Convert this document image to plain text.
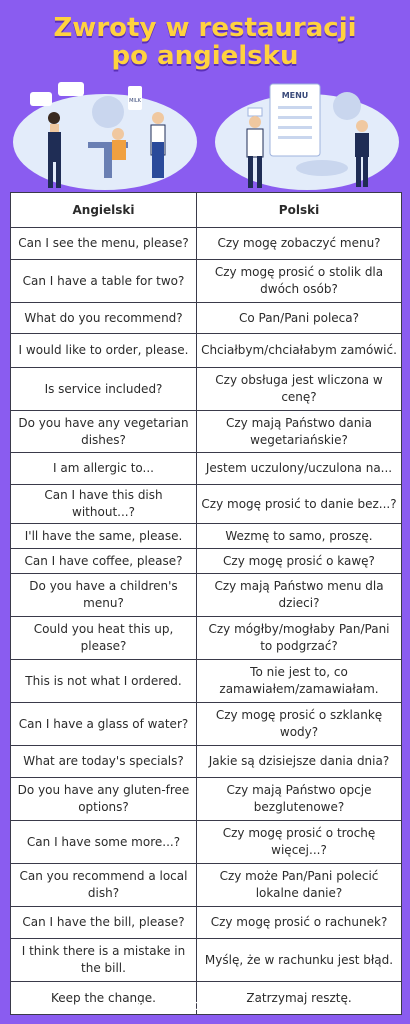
Zwroty w restauracji
po angielsku
MILK
MENU
Angielski	Polski
Can I see the menu, please?	Czy mogę zobaczyć menu?
Can I have a table for two?	Czy mogę prosić o stolik dla dwóch osób?
What do you recommend?	Co Pan/Pani poleca?
I would like to order, please.	Chciałbym/chciałabym zamówić.
Is service included?	Czy obsługa jest wliczona w cenę?
Do you have any vegetarian dishes?	Czy mają Państwo dania wegetariańskie?
I am allergic to...	Jestem uczulony/uczulona na...
Can I have this dish without...?	Czy mogę prosić to danie bez...?
I'll have the same, please.	Wezmę to samo, proszę.
Can I have coffee, please?	Czy mogę prosić o kawę?
Do you have a children's menu?	Czy mają Państwo menu dla dzieci?
Could you heat this up, please?	Czy mógłby/mogłaby Pan/Pani to podgrzać?
This is not what I ordered.	To nie jest to, co zamawiałem/zamawiałam.
Can I have a glass of water?	Czy mogę prosić o szklankę wody?
What are today's specials?	Jakie są dzisiejsze dania dnia?
Do you have any gluten-free options?	Czy mają Państwo opcje bezglutenowe?
Can I have some more...?	Czy mogę prosić o trochę więcej...?
Can you recommend a local dish?	Czy może Pan/Pani polecić lokalne danie?
Can I have the bill, please?	Czy mogę prosić o rachunek?
I think there is a mistake in the bill.	Myślę, że w rachunku jest błąd.
Keep the change.	Zatrzymaj resztę.
www.helloangielski.pl
